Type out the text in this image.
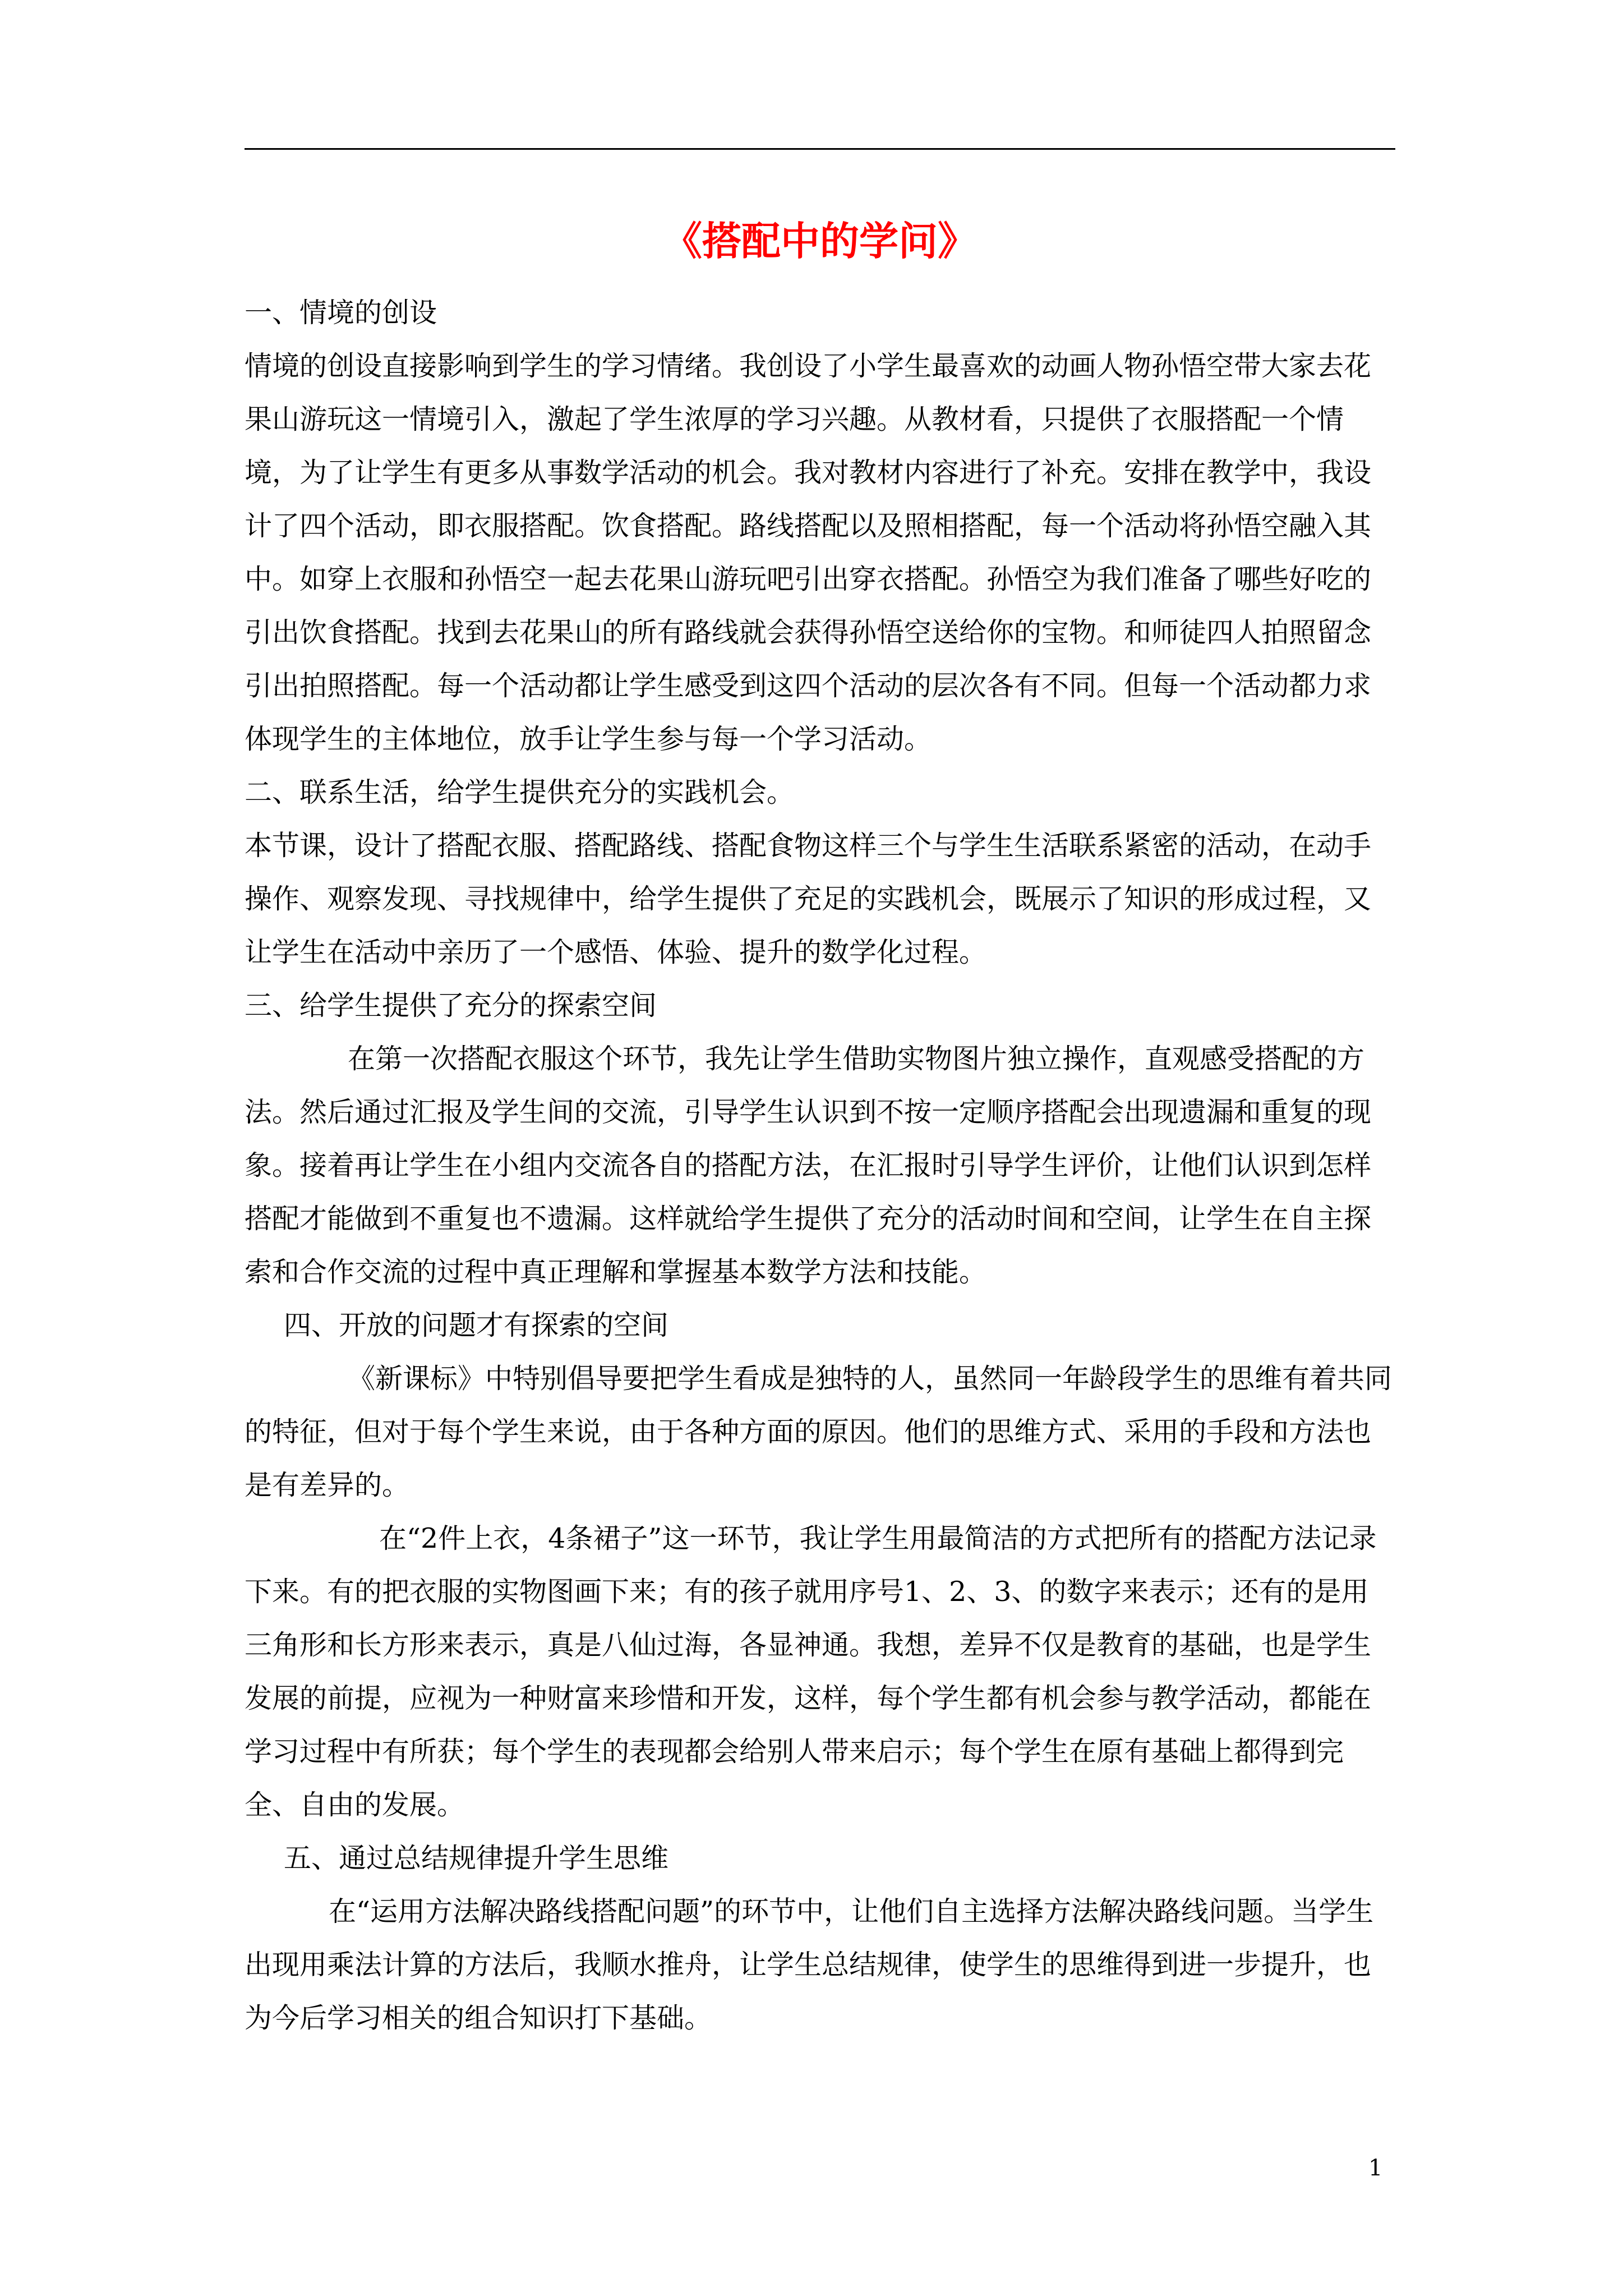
《搭配中的学问》

一、情境的创设

情境的创设直接影响到学生的学习情绪。我创设了小学生最喜欢的动画人物孙悟空带大家去花果山游玩这一情境引入，激起了学生浓厚的学习兴趣。从教材看，只提供了衣服搭配一个情境，为了让学生有更多从事数学活动的机会。我对教材内容进行了补充。安排在教学中，我设计了四个活动，即衣服搭配。饮食搭配。路线搭配以及照相搭配，每一个活动将孙悟空融入其中。如穿上衣服和孙悟空一起去花果山游玩吧引出穿衣搭配。孙悟空为我们准备了哪些好吃的引出饮食搭配。找到去花果山的所有路线就会获得孙悟空送给你的宝物。和师徒四人拍照留念引出拍照搭配。每一个活动都让学生感受到这四个活动的层次各有不同。但每一个活动都力求体现学生的主体地位，放手让学生参与每一个学习活动。

二、联系生活，给学生提供充分的实践机会。

本节课，设计了搭配衣服、搭配路线、搭配食物这样三个与学生生活联系紧密的活动，在动手操作、观察发现、寻找规律中，给学生提供了充足的实践机会，既展示了知识的形成过程，又让学生在活动中亲历了一个感悟、体验、提升的数学化过程。

三、给学生提供了充分的探索空间

在第一次搭配衣服这个环节，我先让学生借助实物图片独立操作，直观感受搭配的方法。然后通过汇报及学生间的交流，引导学生认识到不按一定顺序搭配会出现遗漏和重复的现象。接着再让学生在小组内交流各自的搭配方法，在汇报时引导学生评价，让他们认识到怎样搭配才能做到不重复也不遗漏。这样就给学生提供了充分的活动时间和空间，让学生在自主探索和合作交流的过程中真正理解和掌握基本数学方法和技能。

四、开放的问题才有探索的空间

《新课标》中特别倡导要把学生看成是独特的人，虽然同一年龄段学生的思维有着共同的特征，但对于每个学生来说，由于各种方面的原因。他们的思维方式、采用的手段和方法也是有差异的。

在“2件上衣，4条裙子”这一环节，我让学生用最简洁的方式把所有的搭配方法记录下来。有的把衣服的实物图画下来；有的孩子就用序号1、2、3、的数字来表示；还有的是用三角形和长方形来表示，真是八仙过海，各显神通。我想，差异不仅是教育的基础，也是学生发展的前提，应视为一种财富来珍惜和开发，这样，每个学生都有机会参与教学活动，都能在学习过程中有所获；每个学生的表现都会给别人带来启示；每个学生在原有基础上都得到完全、自由的发展。

五、通过总结规律提升学生思维

在“运用方法解决路线搭配问题”的环节中，让他们自主选择方法解决路线问题。当学生出现用乘法计算的方法后，我顺水推舟，让学生总结规律，使学生的思维得到进一步提升，也为今后学习相关的组合知识打下基础。

1
